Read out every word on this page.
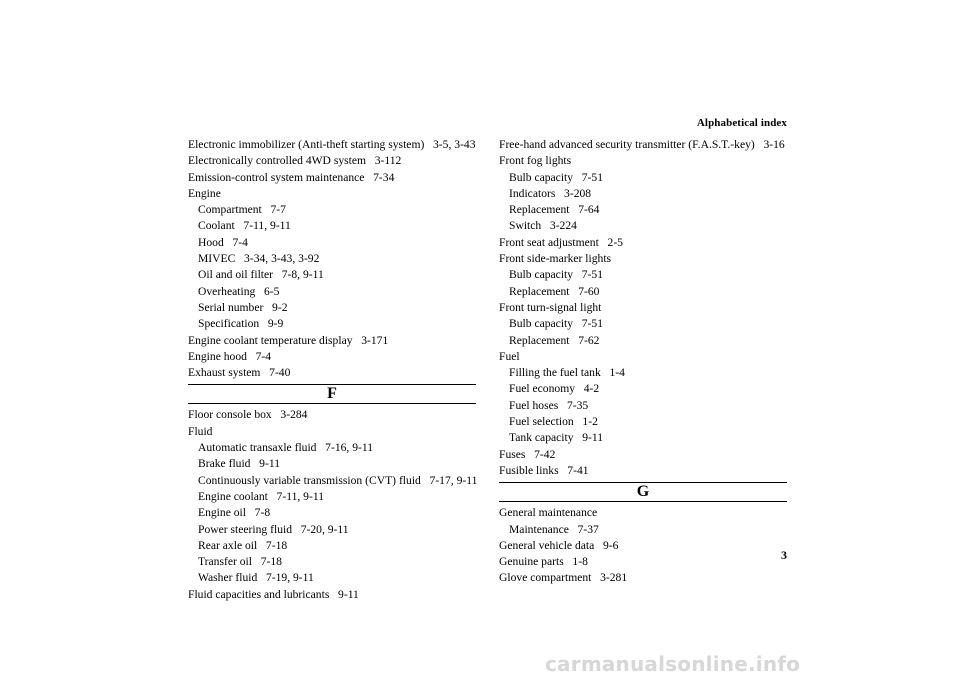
Alphabetical index
Electronic immobilizer (Anti-theft starting system)  3-5, 3-43
Electronically controlled 4WD system  3-112
Emission-control system maintenance  7-34
Engine
Compartment  7-7
Coolant  7-11, 9-11
Hood  7-4
MIVEC  3-34, 3-43, 3-92
Oil and oil filter  7-8, 9-11
Overheating  6-5
Serial number  9-2
Specification  9-9
Engine coolant temperature display  3-171
Engine hood  7-4
Exhaust system  7-40
F
Floor console box  3-284
Fluid
Automatic transaxle fluid  7-16, 9-11
Brake fluid  9-11
Continuously variable transmission (CVT) fluid  7-17, 9-11
Engine coolant  7-11, 9-11
Engine oil  7-8
Power steering fluid  7-20, 9-11
Rear axle oil  7-18
Transfer oil  7-18
Washer fluid  7-19, 9-11
Fluid capacities and lubricants  9-11
Free-hand advanced security transmitter (F.A.S.T.-key)  3-16
Front fog lights
Bulb capacity  7-51
Indicators  3-208
Replacement  7-64
Switch  3-224
Front seat adjustment  2-5
Front side-marker lights
Bulb capacity  7-51
Replacement  7-60
Front turn-signal light
Bulb capacity  7-51
Replacement  7-62
Fuel
Filling the fuel tank  1-4
Fuel economy  4-2
Fuel hoses  7-35
Fuel selection  1-2
Tank capacity  9-11
Fuses  7-42
Fusible links  7-41
G
General maintenance
Maintenance  7-37
General vehicle data  9-6
Genuine parts  1-8
Glove compartment  3-281
3
carmanualsonline.info
